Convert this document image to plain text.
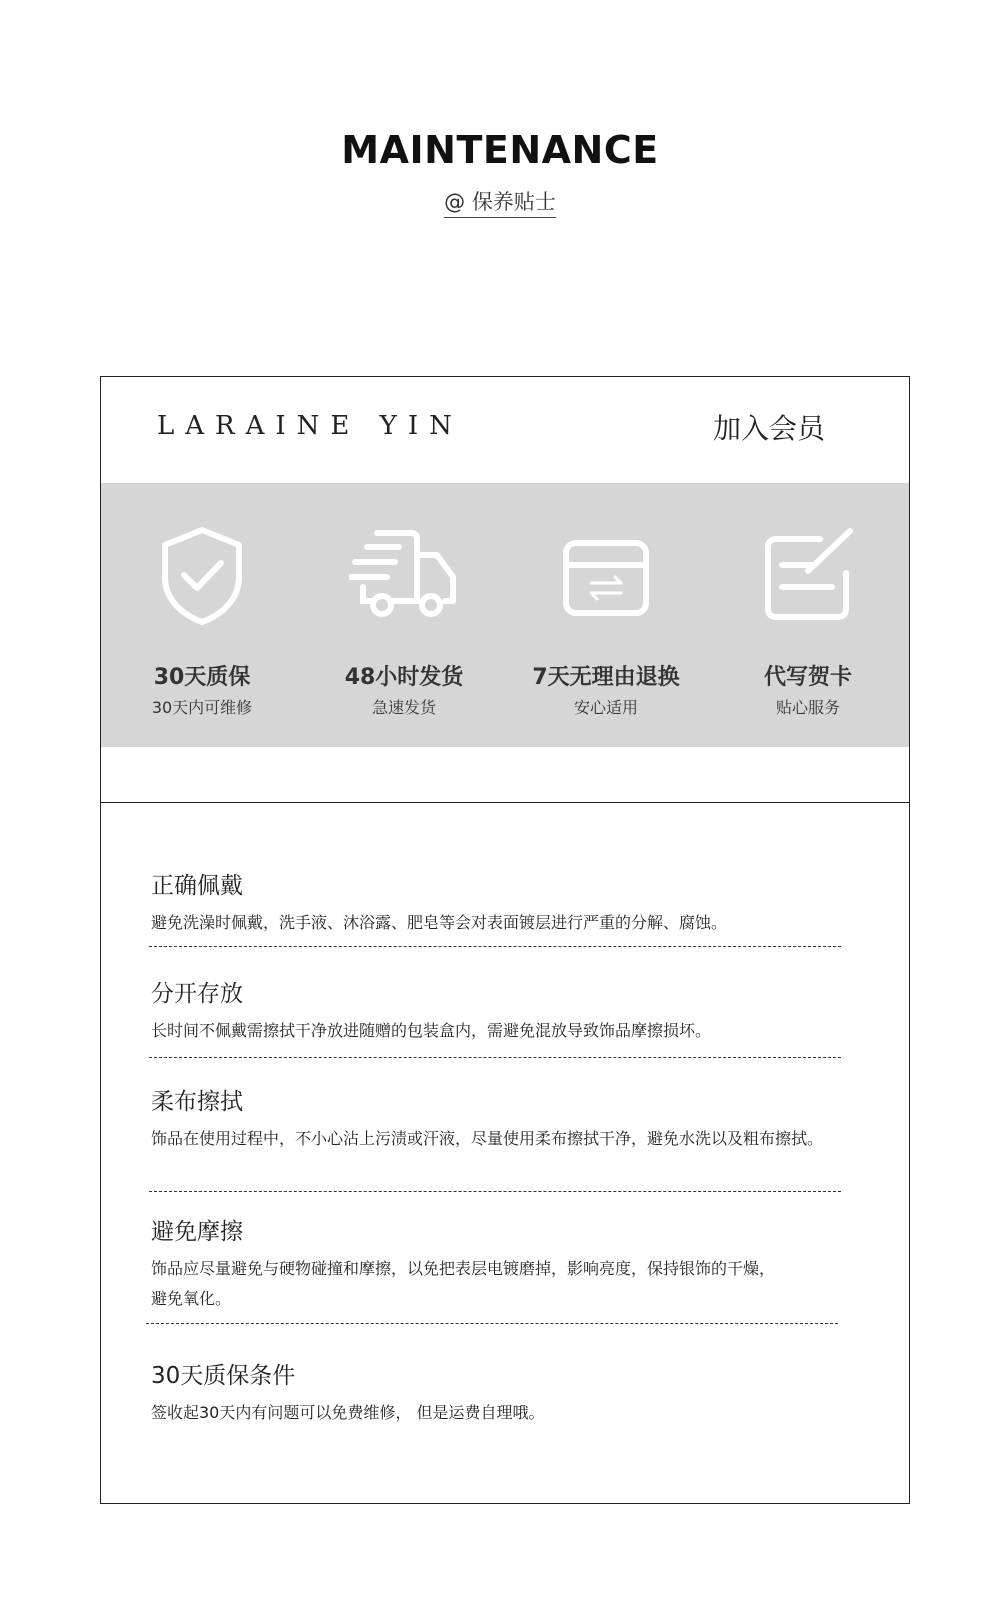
MAINTENANCE
@ 保养贴士
LARAINE YIN	加入会员
30天质保
30天内可维修
48小时发货
急速发货
7天无理由退换
安心适用
代写贺卡
贴心服务
正确佩戴
避免洗澡时佩戴，洗手液、沐浴露、肥皂等会对表面镀层进行严重的分解、腐蚀。
分开存放
长时间不佩戴需擦拭干净放进随赠的包装盒内，需避免混放导致饰品摩擦损坏。
柔布擦拭
饰品在使用过程中，不小心沾上污渍或汗液，尽量使用柔布擦拭干净，避免水洗以及粗布擦拭。
避免摩擦
饰品应尽量避免与硬物碰撞和摩擦，以免把表层电镀磨掉，影响亮度，保持银饰的干燥，
避免氧化。
30天质保条件
签收起30天内有问题可以免费维修， 但是运费自理哦。
